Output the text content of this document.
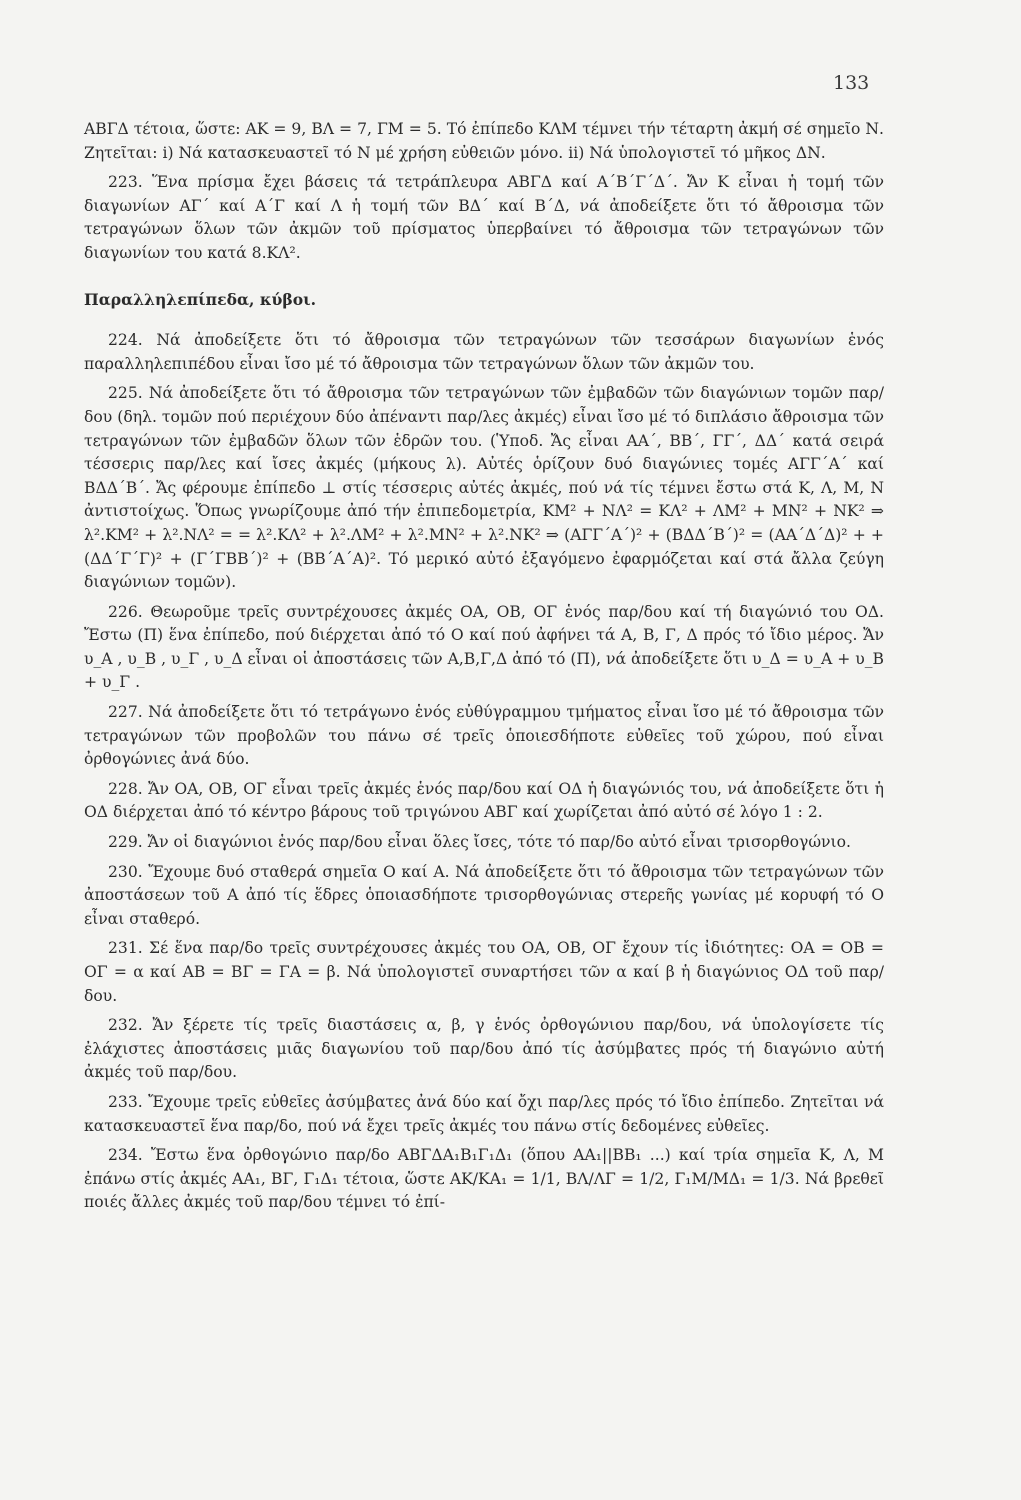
133

ΑΒΓΔ τέτοια, ὥστε: ΑΚ = 9, ΒΛ = 7, ΓΜ = 5. Τό ἐπίπεδο ΚΛΜ τέμνει τήν τέταρτη ἀκμή σέ σημεῖο Ν. Ζητεῖται: i) Νά κατασκευαστεῖ τό Ν μέ χρήση εὐθειῶν μόνο. ii) Νά ὑπολογιστεῖ τό μῆκος ΔΝ.

223. Ἕνα πρίσμα ἔχει βάσεις τά τετράπλευρα ΑΒΓΔ καί Α΄Β΄Γ΄Δ΄. Ἄν Κ εἶναι ἡ τομή τῶν διαγωνίων ΑΓ΄ καί Α΄Γ καί Λ ἡ τομή τῶν ΒΔ΄ καί Β΄Δ, νά ἀποδείξετε ὅτι τό ἄθροισμα τῶν τετραγώνων ὅλων τῶν ἀκμῶν τοῦ πρίσματος ὑπερβαίνει τό ἄθροισμα τῶν τετραγώνων τῶν διαγωνίων του κατά 8.ΚΛ².

Παραλληλεπίπεδα, κύβοι.

224. Νά ἀποδείξετε ὅτι τό ἄθροισμα τῶν τετραγώνων τῶν τεσσάρων διαγωνίων ἑνός παραλληλεπιπέδου εἶναι ἴσο μέ τό ἄθροισμα τῶν τετραγώνων ὅλων τῶν ἀκμῶν του.

225. Νά ἀποδείξετε ὅτι τό ἄθροισμα τῶν τετραγώνων τῶν ἐμβαδῶν τῶν διαγώνιων τομῶν παρ/δου (δηλ. τομῶν πού περιέχουν δύο ἀπέναντι παρ/λες ἀκμές) εἶναι ἴσο μέ τό διπλάσιο ἄθροισμα τῶν τετραγώνων τῶν ἐμβαδῶν ὅλων τῶν ἑδρῶν του. (Ὑποδ. Ἄς εἶναι ΑΑ΄, ΒΒ΄, ΓΓ΄, ΔΔ΄ κατά σειρά τέσσερις παρ/λες καί ἴσες ἀκμές (μήκους λ). Αὐτές ὁρίζουν δυό διαγώνιες τομές ΑΓΓ΄Α΄ καί ΒΔΔ΄Β΄. Ἄς φέρουμε ἐπίπεδο ⊥ στίς τέσσερις αὐτές ἀκμές, πού νά τίς τέμνει ἔστω στά Κ, Λ, Μ, Ν ἀντιστοίχως. Ὅπως γνωρίζουμε ἀπό τήν ἐπιπεδομετρία, ΚΜ² + ΝΛ² = ΚΛ² + ΛΜ² + ΜΝ² + ΝΚ² ⇒ λ².ΚΜ² + λ².ΝΛ² = = λ².ΚΛ² + λ².ΛΜ² + λ².ΜΝ² + λ².ΝΚ² ⇒ (ΑΓΓ΄Α΄)² + (ΒΔΔ΄Β΄)² = (ΑΑ΄Δ΄Δ)² + + (ΔΔ΄Γ΄Γ)² + (Γ΄ΓΒΒ΄)² + (ΒΒ΄Α΄Α)². Τό μερικό αὐτό ἐξαγόμενο ἐφαρμόζεται καί στά ἄλλα ζεύγη διαγώνιων τομῶν).

226. Θεωροῦμε τρεῖς συντρέχουσες ἀκμές ΟΑ, ΟΒ, ΟΓ ἑνός παρ/δου καί τή διαγώνιό του ΟΔ. Ἔστω (Π) ἕνα ἐπίπεδο, πού διέρχεται ἀπό τό Ο καί πού ἀφήνει τά Α, Β, Γ, Δ πρός τό ἴδιο μέρος. Ἄν υ_Α , υ_Β , υ_Γ , υ_Δ εἶναι οἱ ἀποστάσεις τῶν Α,Β,Γ,Δ ἀπό τό (Π), νά ἀποδείξετε ὅτι υ_Δ = υ_Α + υ_Β + υ_Γ .

227. Νά ἀποδείξετε ὅτι τό τετράγωνο ἑνός εὐθύγραμμου τμήματος εἶναι ἴσο μέ τό ἄθροισμα τῶν τετραγώνων τῶν προβολῶν του πάνω σέ τρεῖς ὁποιεσδήποτε εὐθεῖες τοῦ χώρου, πού εἶναι ὀρθογώνιες ἀνά δύο.

228. Ἄν ΟΑ, ΟΒ, ΟΓ εἶναι τρεῖς ἀκμές ἑνός παρ/δου καί ΟΔ ἡ διαγώνιός του, νά ἀποδείξετε ὅτι ἡ ΟΔ διέρχεται ἀπό τό κέντρο βάρους τοῦ τριγώνου ΑΒΓ καί χωρίζεται ἀπό αὐτό σέ λόγο 1 : 2.

229. Ἄν οἱ διαγώνιοι ἑνός παρ/δου εἶναι ὅλες ἴσες, τότε τό παρ/δο αὐτό εἶναι τρισορθογώνιο.

230. Ἔχουμε δυό σταθερά σημεῖα Ο καί Α. Νά ἀποδείξετε ὅτι τό ἄθροισμα τῶν τετραγώνων τῶν ἀποστάσεων τοῦ Α ἀπό τίς ἕδρες ὁποιασδήποτε τρισορθογώνιας στερεῆς γωνίας μέ κορυφή τό Ο εἶναι σταθερό.

231. Σέ ἕνα παρ/δο τρεῖς συντρέχουσες ἀκμές του ΟΑ, ΟΒ, ΟΓ ἔχουν τίς ἰδιότητες: ΟΑ = ΟΒ = ΟΓ = α καί ΑΒ = ΒΓ = ΓΑ = β. Νά ὑπολογιστεῖ συναρτήσει τῶν α καί β ἡ διαγώνιος ΟΔ τοῦ παρ/δου.

232. Ἄν ξέρετε τίς τρεῖς διαστάσεις α, β, γ ἑνός ὀρθογώνιου παρ/δου, νά ὑπολογίσετε τίς ἐλάχιστες ἀποστάσεις μιᾶς διαγωνίου τοῦ παρ/δου ἀπό τίς ἀσύμβατες πρός τή διαγώνιο αὐτή ἀκμές τοῦ παρ/δου.

233. Ἔχουμε τρεῖς εὐθεῖες ἀσύμβατες ἀνά δύο καί ὄχι παρ/λες πρός τό ἴδιο ἐπίπεδο. Ζητεῖται νά κατασκευαστεῖ ἕνα παρ/δο, πού νά ἔχει τρεῖς ἀκμές του πάνω στίς δεδομένες εὐθεῖες.

234. Ἔστω ἕνα ὀρθογώνιο παρ/δο ΑΒΓΔΑ₁Β₁Γ₁Δ₁ (ὅπου ΑΑ₁||ΒΒ₁ ...) καί τρία σημεῖα Κ, Λ, Μ ἐπάνω στίς ἀκμές ΑΑ₁, ΒΓ, Γ₁Δ₁ τέτοια, ὥστε ΑΚ/ΚΑ₁ = 1/1, ΒΛ/ΛΓ = 1/2, Γ₁Μ/ΜΔ₁ = 1/3. Νά βρεθεῖ ποιές ἄλλες ἀκμές τοῦ παρ/δου τέμνει τό ἐπί-
